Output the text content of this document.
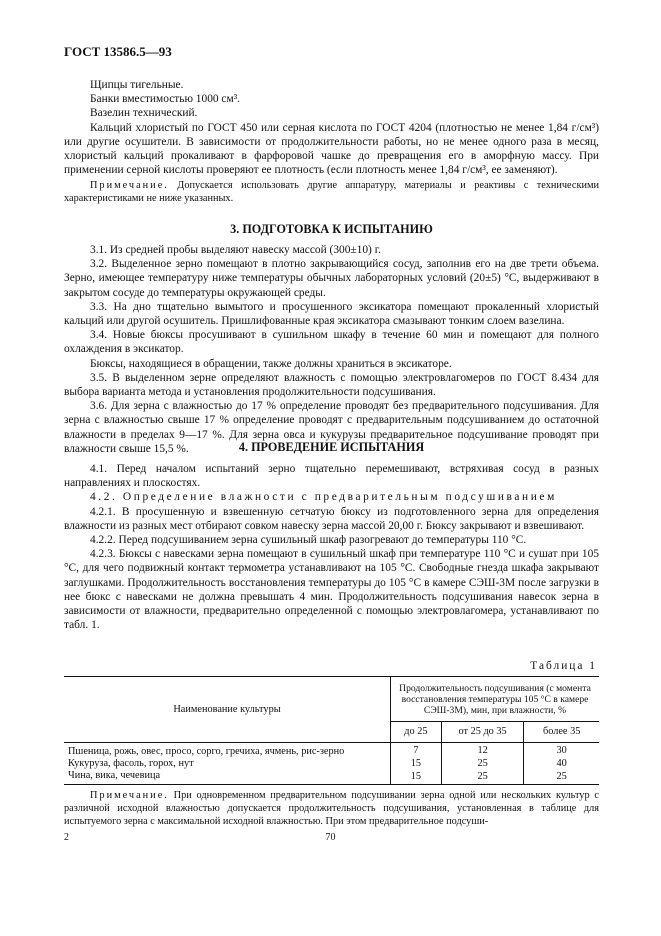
ГОСТ 13586.5—93

Щипцы тигельные.

Банки вместимостью 1000 см³.

Вазелин технический.

Кальций хлористый по ГОСТ 450 или серная кислота по ГОСТ 4204 (плотностью не менее 1,84 г/см³) или другие осушители. В зависимости от продолжительности работы, но не менее одного раза в месяц, хлористый кальций прокаливают в фарфоровой чашке до превращения его в аморфную массу. При применении серной кислоты проверяют ее плотность (если плотность менее 1,84 г/см³, ее заменяют).

Примечание. Допускается использовать другие аппаратуру, материалы и реактивы с техническими характеристиками не ниже указанных.

3. ПОДГОТОВКА К ИСПЫТАНИЮ

3.1. Из средней пробы выделяют навеску массой (300±10) г.

3.2. Выделенное зерно помещают в плотно закрывающийся сосуд, заполнив его на две трети объема. Зерно, имеющее температуру ниже температуры обычных лабораторных условий (20±5) °С, выдерживают в закрытом сосуде до температуры окружающей среды.

3.3. На дно тщательно вымытого и просушенного эксикатора помещают прокаленный хлористый кальций или другой осушитель. Пришлифованные края эксикатора смазывают тонким слоем вазелина.

3.4. Новые бюксы просушивают в сушильном шкафу в течение 60 мин и помещают для полного охлаждения в эксикатор.

Бюксы, находящиеся в обращении, также должны храниться в эксикаторе.

3.5. В выделенном зерне определяют влажность с помощью электровлагомеров по ГОСТ 8.434 для выбора варианта метода и установления продолжительности подсушивания.

3.6. Для зерна с влажностью до 17 % определение проводят без предварительного подсушивания. Для зерна с влажностью свыше 17 % определение проводят с предварительным подсушиванием до остаточной влажности в пределах 9—17 %. Для зерна овса и кукурузы предварительное подсушивание проводят при влажности свыше 15,5 %.	4. ПРОВЕДЕНИЕ ИСПЫТАНИЯ

4.1. Перед началом испытаний зерно тщательно перемешивают, встряхивая сосуд в разных направлениях и плоскостях.

4.2. Определение влажности с предварительным подсушиванием

4.2.1. В просушенную и взвешенную сетчатую бюксу из подготовленного зерна для определения влажности из разных мест отбирают совком навеску зерна массой 20,00 г. Бюксу закрывают и взвешивают.

4.2.2. Перед подсушиванием зерна сушильный шкаф разогревают до температуры 110 °С.

4.2.3. Бюксы с навесками зерна помещают в сушильный шкаф при температуре 110 °С и сушат при 105 °С, для чего подвижный контакт термометра устанавливают на 105 °С. Свободные гнезда шкафа закрывают заглушками. Продолжительность восстановления температуры до 105 °С в камере СЭШ-3М после загрузки в нее бюкс с навесками не должна превышать 4 мин. Продолжительность подсушивания навесок зерна в зависимости от влажности, предварительно определенной с помощью электровлагомера, устанавливают по табл. 1.

Таблица 1
Наименование культуры	Продолжительность подсушивания (с момента восстановления температуры 105 °С в камере СЭШ-3М), мин, при влажности, %		
	до 25	от 25 до 35	более 35
Пшеница, рожь, овес, просо, сорго, гречиха, ячмень, рис-зерно	7	12	30
Кукуруза, фасоль, горох, нут	15	25	40
Чина, вика, чечевица	15	25	25

Примечание. При одновременном предварительном подсушивании зерна одной или нескольких культур с различной исходной влажностью допускается продолжительность подсушивания, установленная в таблице для испытуемого зерна с максимальной исходной влажностью. При этом предварительное подсуши-

2	70
